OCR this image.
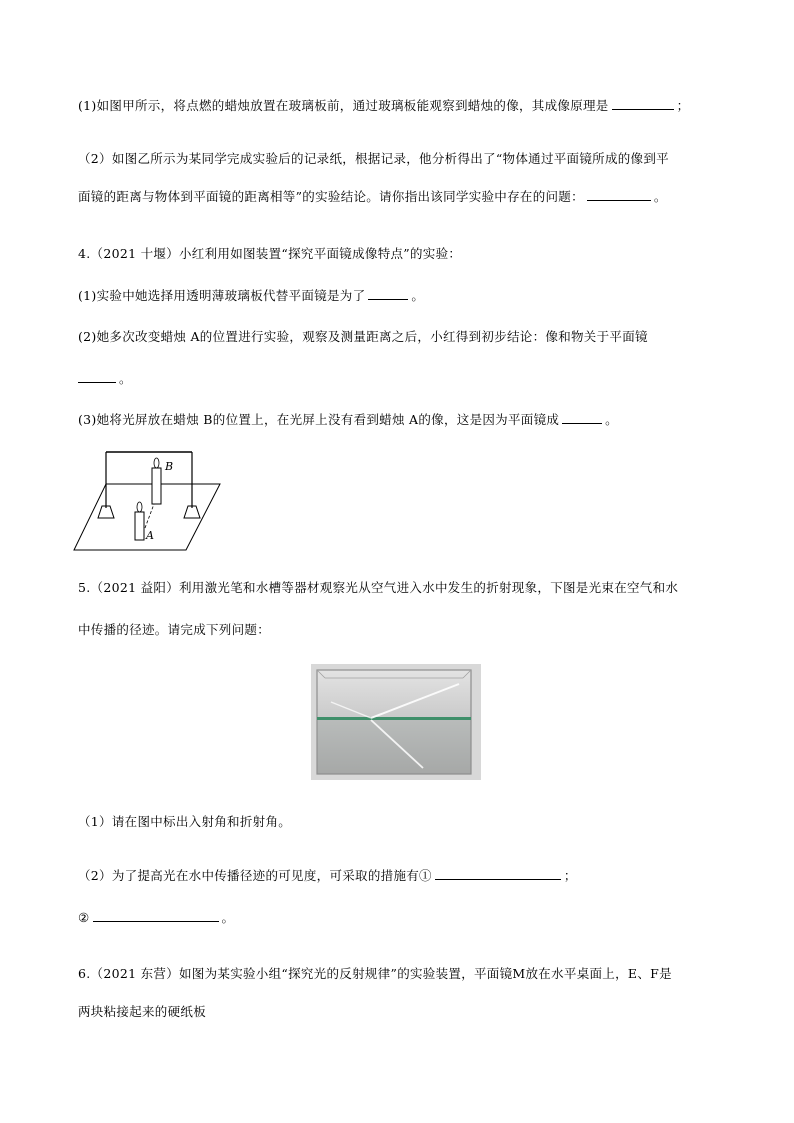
(1)如图甲所示，将点燃的蜡烛放置在玻璃板前，通过玻璃板能观察到蜡烛的像，其成像原理是	；
（2）如图乙所示为某同学完成实验后的记录纸，根据记录，他分析得出了“物体通过平面镜所成的像到平
面镜的距离与物体到平面镜的距离相等”的实验结论。请你指出该同学实验中存在的问题：	。
4.（2021 十堰）小红利用如图装置“探究平面镜成像特点”的实验：
(1)实验中她选择用透明薄玻璃板代替平面镜是为了	。
(2)她多次改变蜡烛 A的位置进行实验，观察及测量距离之后，小红得到初步结论：像和物关于平面镜
。
(3)她将光屏放在蜡烛 B的位置上，在光屏上没有看到蜡烛 A的像，这是因为平面镜成	。
B
A
5.（2021 益阳）利用激光笔和水槽等器材观察光从空气进入水中发生的折射现象，下图是光束在空气和水
中传播的径迹。请完成下列问题：
（1）请在图中标出入射角和折射角。
（2）为了提高光在水中传播径迹的可见度，可采取的措施有①	；
②	。
6.（2021 东营）如图为某实验小组“探究光的反射规律”的实验装置，平面镜M放在水平桌面上，E、F是
两块粘接起来的硬纸板
